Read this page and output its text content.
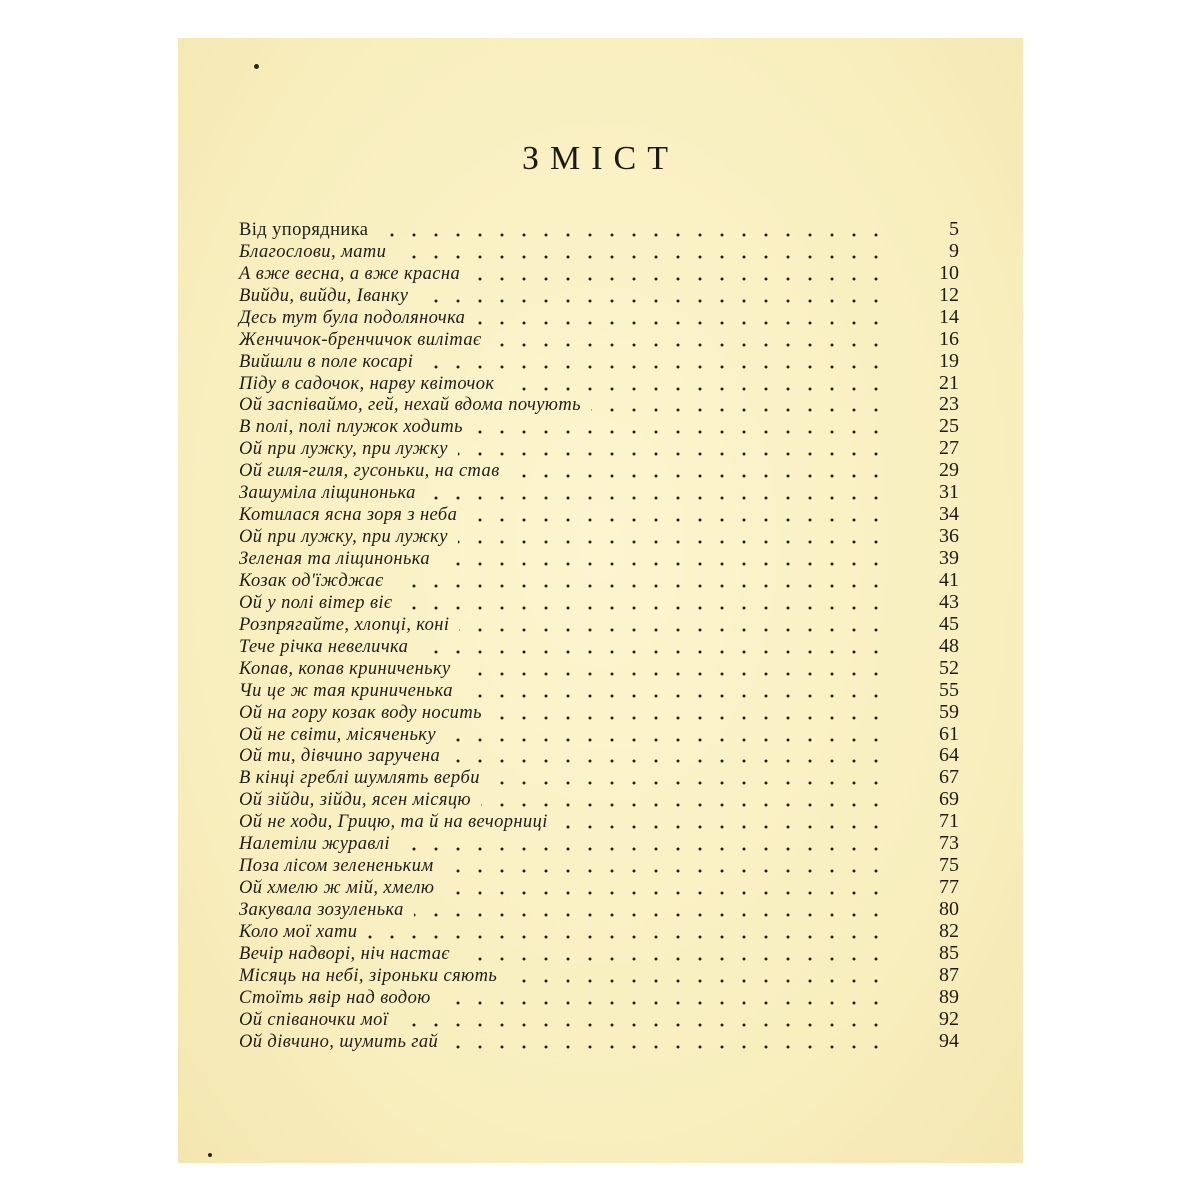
ЗМІСТ
Від упорядника	5
Благослови, мати	9
А вже весна, а вже красна	10
Вийди, вийди, Іванку	12
Десь тут була подоляночка	14
Женчичок-бренчичок вилітає	16
Вийшли в поле косарі	19
Піду в садочок, нарву квіточок	21
Ой заспіваймо, гей, нехай вдома почують	23
В полі, полі плужок ходить	25
Ой при лужку, при лужку	27
Ой гиля-гиля, гусоньки, на став	29
Зашуміла ліщинонька	31
Котилася ясна зоря з неба	34
Ой при лужку, при лужку	36
Зеленая та ліщинонька	39
Козак од'їжджає	41
Ой у полі вітер віє	43
Розпрягайте, хлопці, коні	45
Тече річка невеличка	48
Копав, копав криниченьку	52
Чи це ж тая криниченька	55
Ой на гору козак воду носить	59
Ой не світи, місяченьку	61
Ой ти, дівчино заручена	64
В кінці греблі шумлять верби	67
Ой зійди, зійди, ясен місяцю	69
Ой не ходи, Грицю, та й на вечорниці	71
Налетіли журавлі	73
Поза лісом зелененьким	75
Ой хмелю ж мій, хмелю	77
Закувала зозуленька	80
Коло мої хати	82
Вечір надворі, ніч настає	85
Місяць на небі, зіроньки сяють	87
Стоїть явір над водою	89
Ой співаночки мої	92
Ой дівчино, шумить гай	94
